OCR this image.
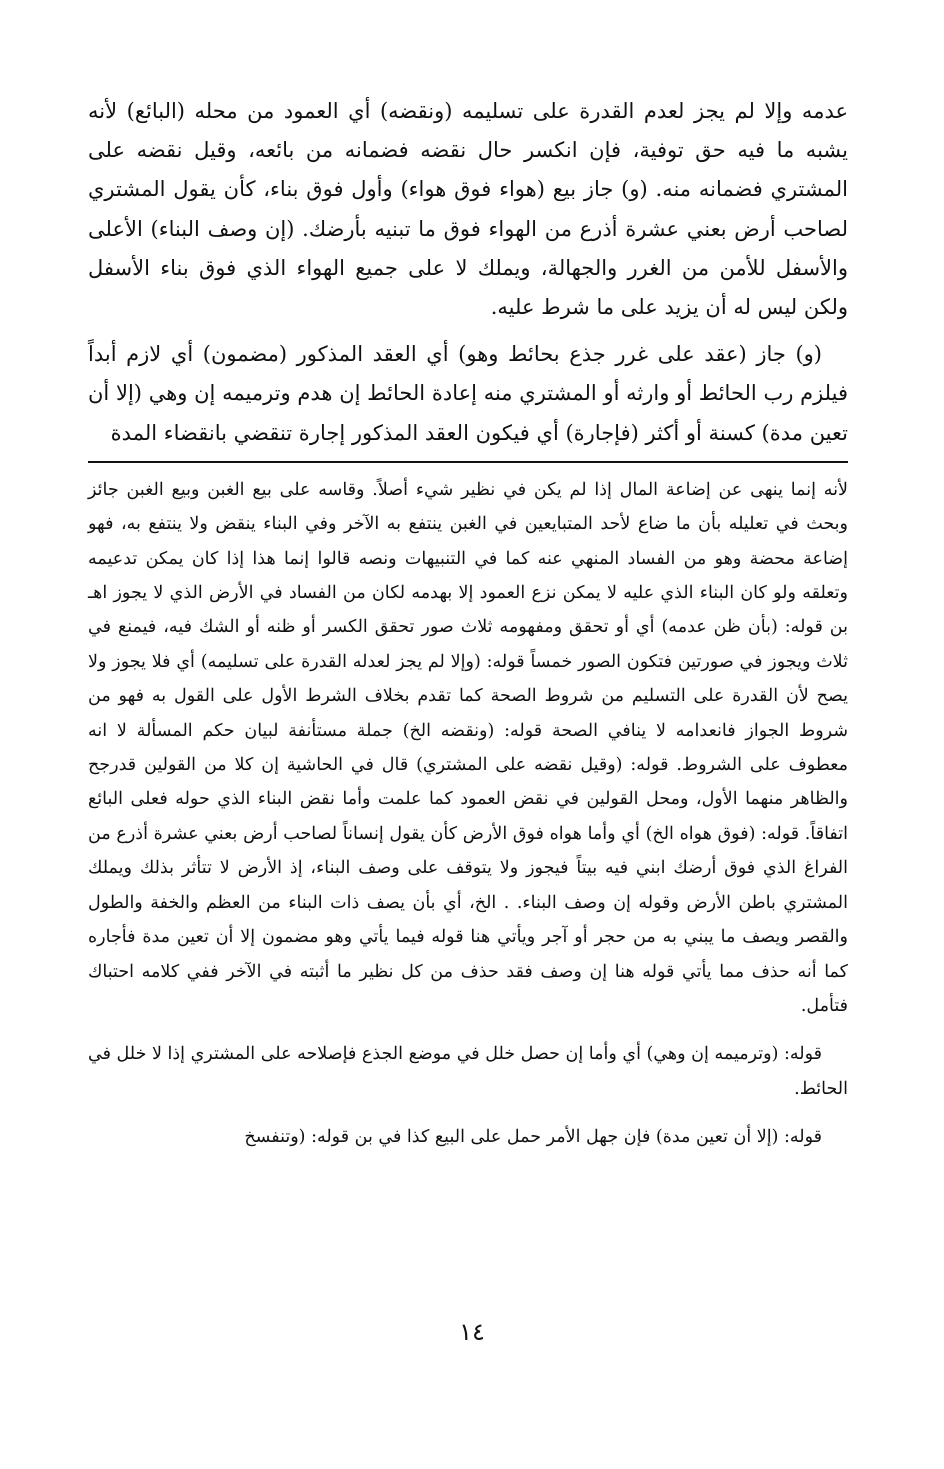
عدمه وإلا لم يجز لعدم القدرة على تسليمه (ونقضه) أي العمود من محله (البائع) لأنه يشبه ما فيه حق توفية، فإن انكسر حال نقضه فضمانه من بائعه، وقيل نقضه على المشتري فضمانه منه. (و) جاز بيع (هواء فوق هواء) وأول فوق بناء، كأن يقول المشتري لصاحب أرض بعني عشرة أذرع من الهواء فوق ما تبنيه بأرضك. (إن وصف البناء) الأعلى والأسفل للأمن من الغرر والجهالة، ويملك لا على جميع الهواء الذي فوق بناء الأسفل ولكن ليس له أن يزيد على ما شرط عليه.

(و) جاز (عقد على غرر جذع بحائط وهو) أي العقد المذكور (مضمون) أي لازم أبداً فيلزم رب الحائط أو وارثه أو المشتري منه إعادة الحائط إن هدم وترميمه إن وهي (إلا أن تعين مدة) كسنة أو أكثر (فإجارة) أي فيكون العقد المذكور إجارة تنقضي بانقضاء المدة

لأنه إنما ينهى عن إضاعة المال إذا لم يكن في نظير شيء أصلاً. وقاسه على بيع الغبن وبيع الغبن جائز وبحث في تعليله بأن ما ضاع لأحد المتبايعين في الغبن ينتفع به الآخر وفي البناء ينقض ولا ينتفع به، فهو إضاعة محضة وهو من الفساد المنهي عنه كما في التنبيهات ونصه قالوا إنما هذا إذا كان يمكن تدعيمه وتعلقه ولو كان البناء الذي عليه لا يمكن نزع العمود إلا بهدمه لكان من الفساد في الأرض الذي لا يجوز اهـ بن قوله: (بأن ظن عدمه) أي أو تحقق ومفهومه ثلاث صور تحقق الكسر أو ظنه أو الشك فيه، فيمنع في ثلاث ويجوز في صورتين فتكون الصور خمساً قوله: (وإلا لم يجز لعدله القدرة على تسليمه) أي فلا يجوز ولا يصح لأن القدرة على التسليم من شروط الصحة كما تقدم بخلاف الشرط الأول على القول به فهو من شروط الجواز فانعدامه لا ينافي الصحة قوله: (ونقضه الخ) جملة مستأنفة لبيان حكم المسألة لا انه معطوف على الشروط. قوله: (وقيل نقضه على المشتري) قال في الحاشية إن كلا من القولين قدرجح والظاهر منهما الأول، ومحل القولين في نقض العمود كما علمت وأما نقض البناء الذي حوله فعلى البائع اتفاقاً. قوله: (فوق هواه الخ) أي وأما هواه فوق الأرض كأن يقول إنساناً لصاحب أرض بعني عشرة أذرع من الفراغ الذي فوق أرضك ابني فيه بيتاً فيجوز ولا يتوقف على وصف البناء، إذ الأرض لا تتأثر بذلك ويملك المشتري باطن الأرض وقوله إن وصف البناء. . الخ، أي بأن يصف ذات البناء من العظم والخفة والطول والقصر ويصف ما يبني به من حجر أو آجر ويأتي هنا قوله فيما يأتي وهو مضمون إلا أن تعين مدة فأجاره كما أنه حذف مما يأتي قوله هنا إن وصف فقد حذف من كل نظير ما أثبته في الآخر ففي كلامه احتباك فتأمل.

قوله: (وترميمه إن وهي) أي وأما إن حصل خلل في موضع الجذع فإصلاحه على المشتري إذا لا خلل في الحائط.

قوله: (إلا أن تعين مدة) فإن جهل الأمر حمل على البيع كذا في بن قوله: (وتنفسخ

١٤
